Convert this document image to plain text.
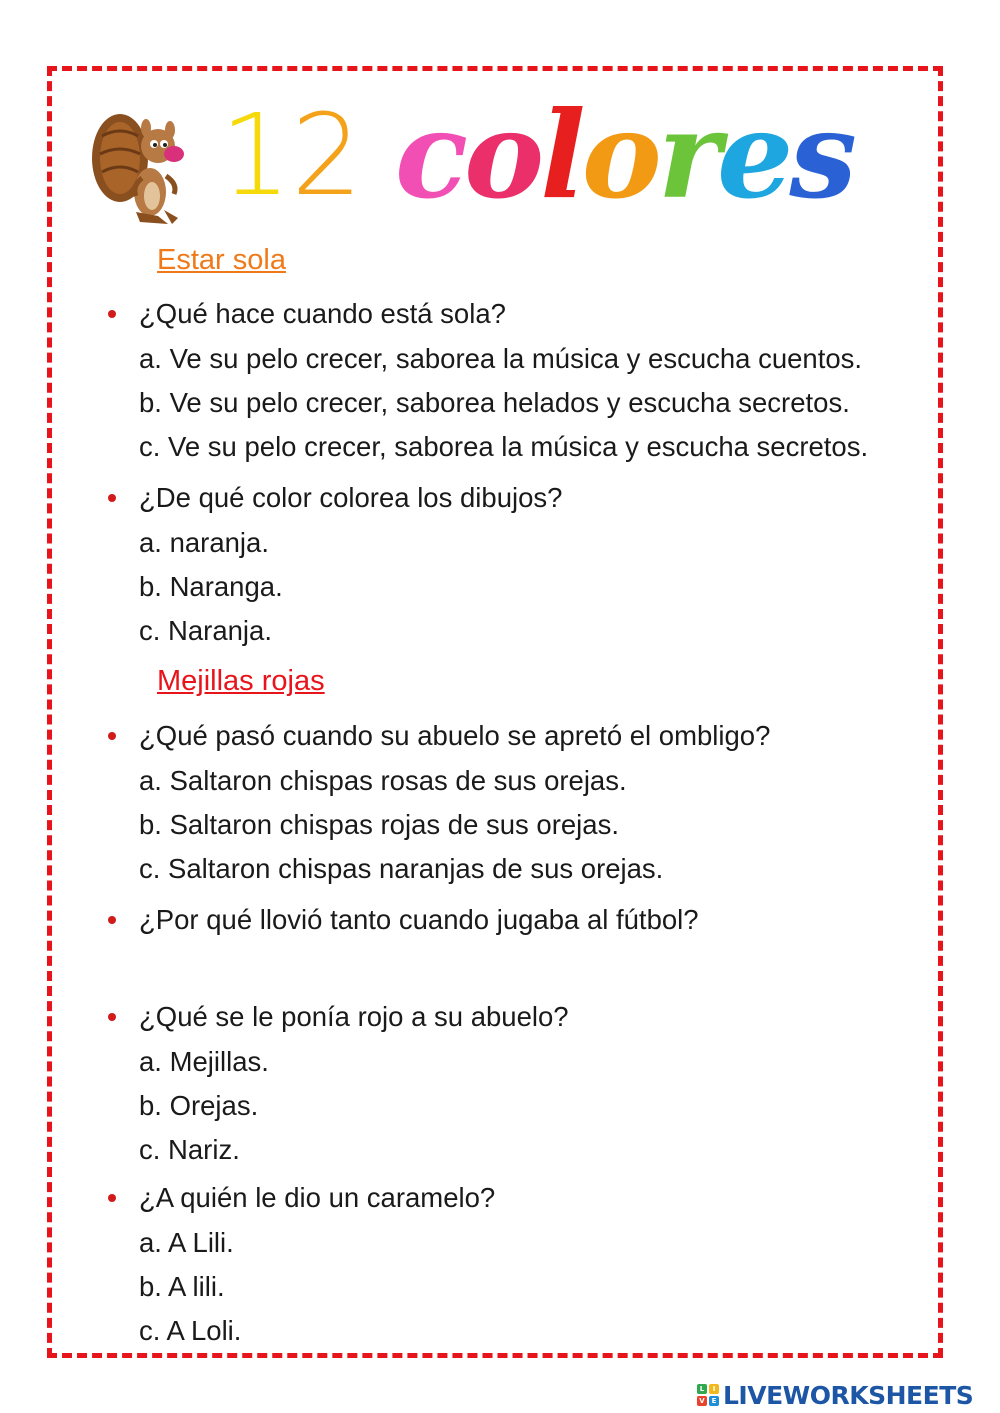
12 colores
Estar sola
¿Qué hace cuando está sola?
a. Ve su pelo crecer, saborea la música y escucha cuentos.
b. Ve su pelo crecer, saborea helados y escucha secretos.
c. Ve su pelo crecer, saborea la música y escucha secretos.
¿De qué color colorea los dibujos?
a. naranja.
b. Naranga.
c. Naranja.
Mejillas rojas
¿Qué pasó cuando su abuelo se apretó el ombligo?
a. Saltaron chispas rosas de sus orejas.
b. Saltaron chispas rojas de sus orejas.
c. Saltaron chispas naranjas de sus orejas.
¿Por qué llovió tanto cuando jugaba al fútbol?
¿Qué se le ponía rojo a su abuelo?
a. Mejillas.
b. Orejas.
c. Nariz.
¿A quién le dio un caramelo?
a. A Lili.
b. A lili.
c. A Loli.
L	I
V E LIVEWORKSHEETS
